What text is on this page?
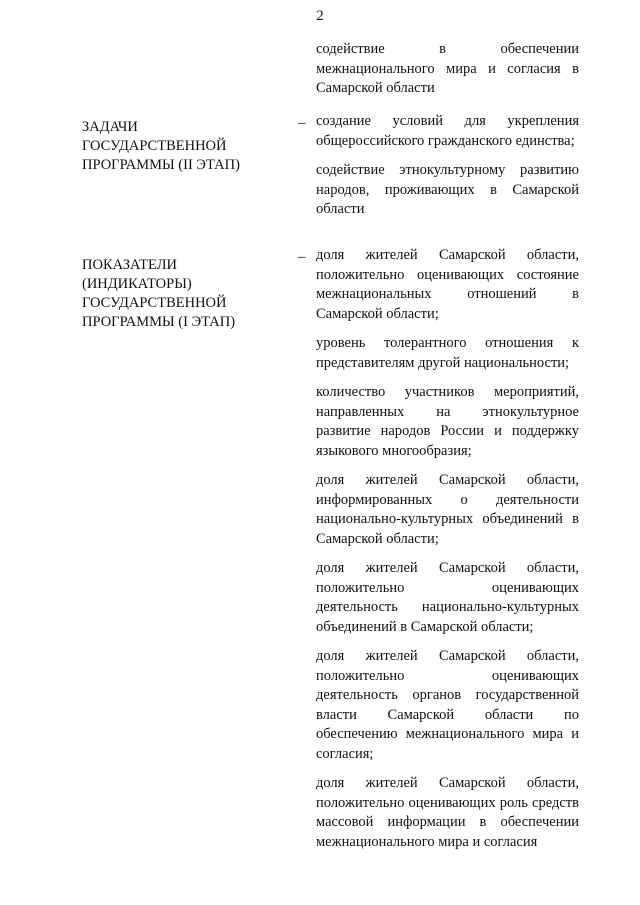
2
содействие в обеспечении межнационального мира и согласия в Самарской области
ЗАДАЧИ
ГОСУДАРСТВЕННОЙ
ПРОГРАММЫ (II ЭТАП)
– создание условий для укрепления общероссийского гражданского единства;
содействие этнокультурному развитию народов, проживающих в Самарской области
ПОКАЗАТЕЛИ
(ИНДИКАТОРЫ)
ГОСУДАРСТВЕННОЙ
ПРОГРАММЫ (I ЭТАП)
– доля жителей Самарской области, положительно оценивающих состояние межнациональных отношений в Самарской области;
уровень толерантного отношения к представителям другой национальности;
количество участников мероприятий, направленных на этнокультурное развитие народов России и поддержку языкового многообразия;
доля жителей Самарской области, информированных о деятельности национально-культурных объединений в Самарской области;
доля жителей Самарской области, положительно оценивающих деятельность национально-культурных объединений в Самарской области;
доля жителей Самарской области, положительно оценивающих деятельность органов государственной власти Самарской области по обеспечению межнационального мира и согласия;
доля жителей Самарской области, положительно оценивающих роль средств массовой информации в обеспечении межнационального мира и согласия
